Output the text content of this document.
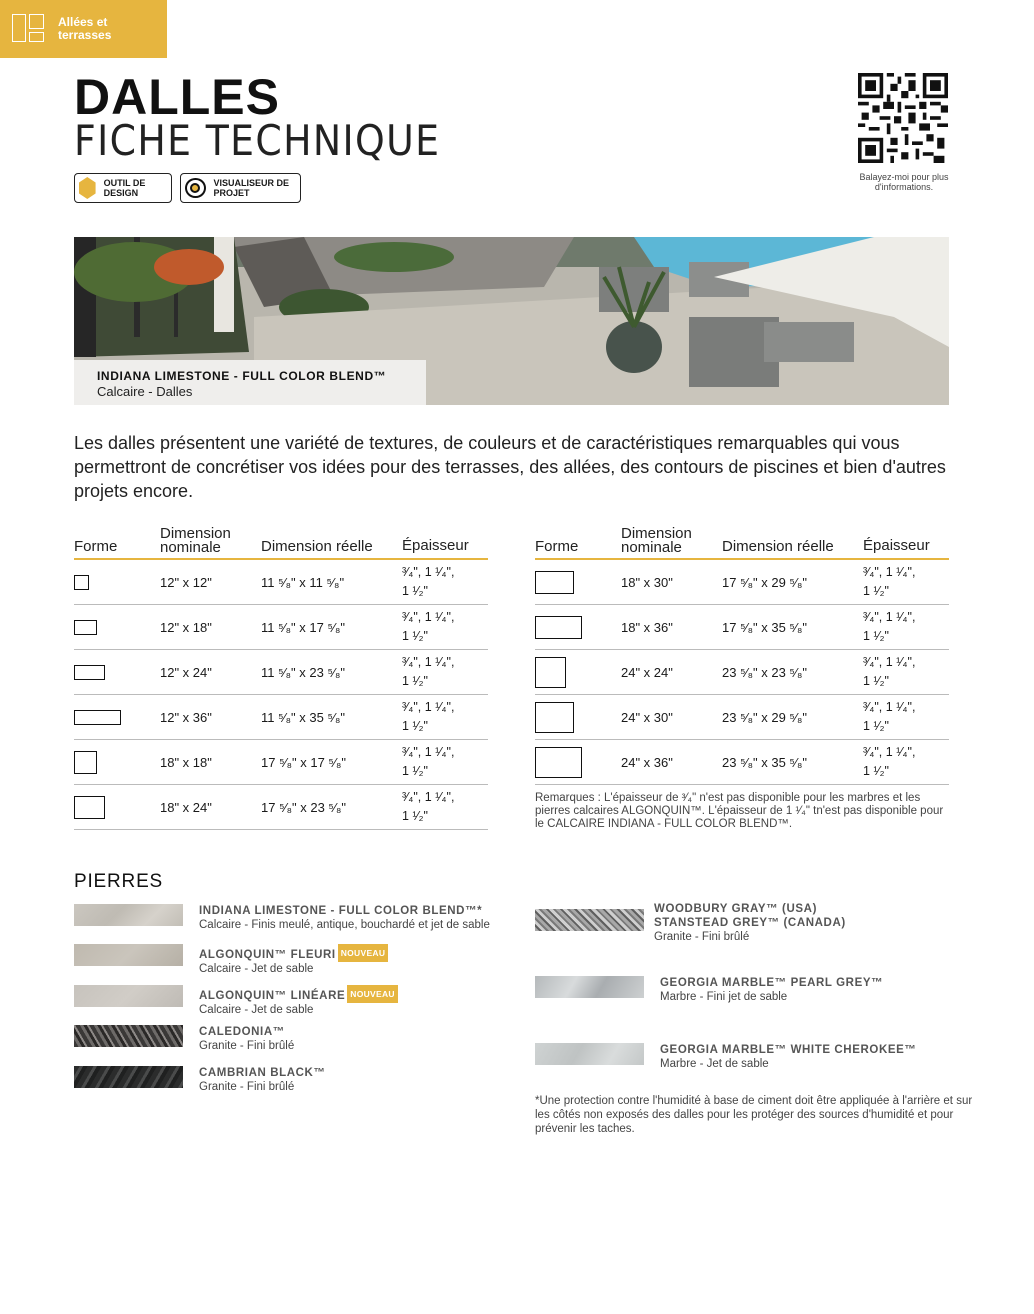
Allées et terrasses
DALLES
FICHE TECHNIQUE
OUTIL DE DESIGN
VISUALISEUR DE PROJET
Balayez-moi pour plus d'informations.
INDIANA LIMESTONE - FULL COLOR BLEND™
Calcaire - Dalles
Les dalles présentent une variété de textures, de couleurs et de caractéristiques remarquables qui vous permettront de concrétiser vos idées pour des terrasses, des allées, des contours de piscines et bien d'autres projets encore.
Forme
Dimension nominale	Dimension réelle	Épaisseur
12" x 12"	11 ⁵⁄₈" x 11 ⁵⁄₈"
³⁄₄", 1 ¹⁄₄",
1 ¹⁄₂"
12" x 18"	11 ⁵⁄₈" x 17 ⁵⁄₈"
³⁄₄", 1 ¹⁄₄",
1 ¹⁄₂"
12" x 24"	11 ⁵⁄₈" x 23 ⁵⁄₈"
³⁄₄", 1 ¹⁄₄",
1 ¹⁄₂"
12" x 36"	11 ⁵⁄₈" x 35 ⁵⁄₈"
³⁄₄", 1 ¹⁄₄",
1 ¹⁄₂"
18" x 18"	17 ⁵⁄₈" x 17 ⁵⁄₈"
³⁄₄", 1 ¹⁄₄",
1 ¹⁄₂"
18" x 24"	17 ⁵⁄₈" x 23 ⁵⁄₈"
³⁄₄", 1 ¹⁄₄",
1 ¹⁄₂"
Forme
Dimension nominale	Dimension réelle	Épaisseur
18" x 30"	17 ⁵⁄₈" x 29 ⁵⁄₈"
³⁄₄", 1 ¹⁄₄",
1 ¹⁄₂"
18" x 36"	17 ⁵⁄₈" x 35 ⁵⁄₈"
³⁄₄", 1 ¹⁄₄",
1 ¹⁄₂"
24" x 24"	23 ⁵⁄₈" x 23 ⁵⁄₈"
³⁄₄", 1 ¹⁄₄",
1 ¹⁄₂"
24" x 30"	23 ⁵⁄₈" x 29 ⁵⁄₈"
³⁄₄", 1 ¹⁄₄",
1 ¹⁄₂"
24" x 36"	23 ⁵⁄₈" x 35 ⁵⁄₈"
³⁄₄", 1 ¹⁄₄",
1 ¹⁄₂"
Remarques : L'épaisseur de ³⁄₄" n'est pas disponible pour les marbres et les pierres calcaires ALGONQUIN™. L'épaisseur de 1 ¹⁄₄" tn'est pas disponible pour le CALCAIRE INDIANA - FULL COLOR BLEND™.
PIERRES
INDIANA LIMESTONE - FULL COLOR BLEND™*
Calcaire - Finis meulé, antique, bouchardé et jet de sable
ALGONQUIN™ FLEURI NOUVEAU
Calcaire - Jet de sable
ALGONQUIN™ LINÉARE NOUVEAU
Calcaire - Jet de sable
CALEDONIA™
Granite - Fini brûlé
CAMBRIAN BLACK™
Granite - Fini brûlé
WOODBURY GRAY™ (USA)
STANSTEAD GREY™ (CANADA)
Granite - Fini brûlé
GEORGIA MARBLE™ PEARL GREY™
Marbre - Fini jet de sable
GEORGIA MARBLE™ WHITE CHEROKEE™
Marbre - Jet de sable
*Une protection contre l'humidité à base de ciment doit être appliquée à l'arrière et sur les côtés non exposés des dalles pour les protéger des sources d'humidité et pour prévenir les taches.
